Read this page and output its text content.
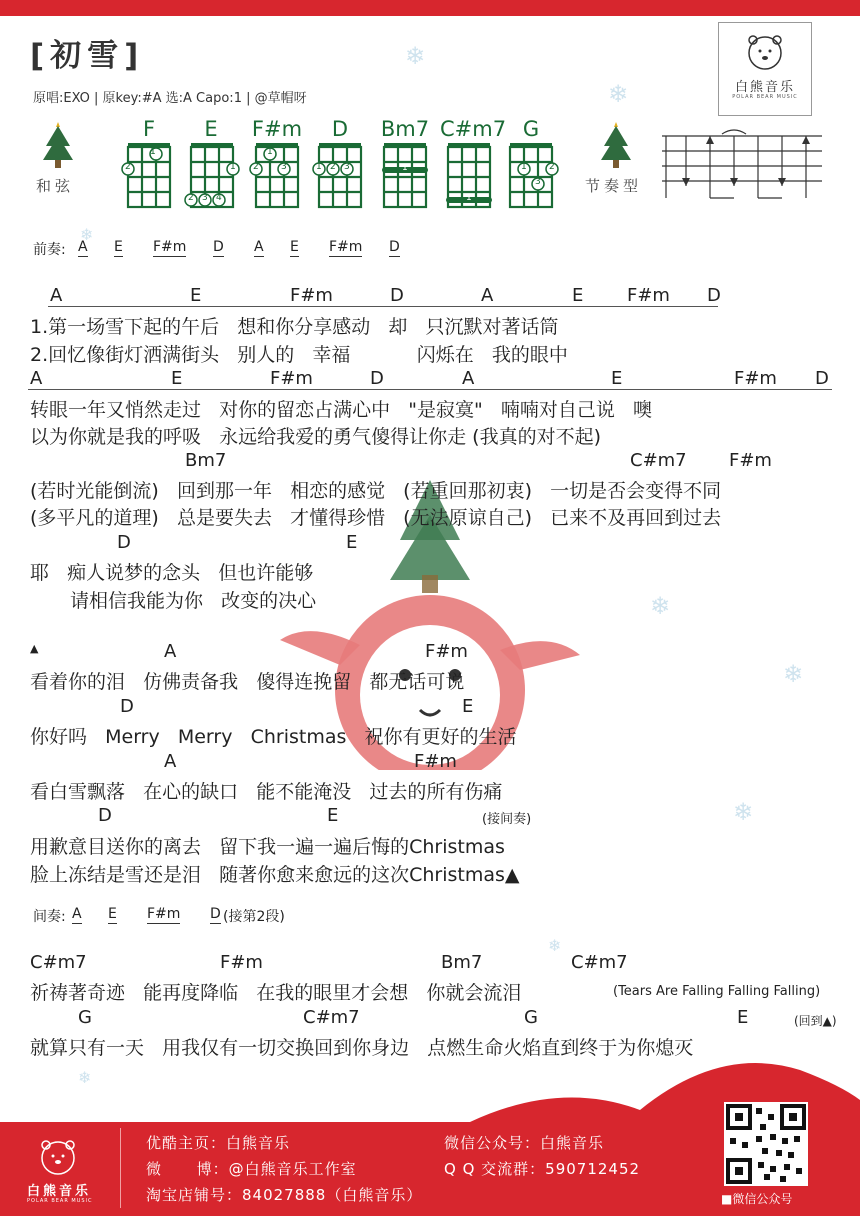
❄
❄
❄
❄
❄
❄
❄
❄
[初雪]
原唱:EXO | 原key:#A 选:A Capo:1 | @草帽呀
白熊音乐
POLAR BEAR MUSIC
和弦	节奏型
F	E	F#m	D	Bm7 C#m7 G
1
2	1
2 3 4
1
2 3	1 2 3	1
1
1 2
3
前奏: A E F#m D A E F#m D
A	E	F#m	D	A	E F#m D
1.第一场雪下起的午后   想和你分享感动   却   只沉默对著话筒
2.回忆像街灯洒满街头   别人的   幸福           闪烁在   我的眼中
A	E	F#m	D	A	E	F#m D
转眼一年又悄然走过   对你的留恋占满心中   "是寂寞"   喃喃对自己说   噢
以为你就是我的呼吸   永远给我爱的勇气傻得让你走 (我真的对不起)
Bm7	C#m7 F#m
(若时光能倒流)   回到那一年   相恋的感觉   (若重回那初衷)   一切是否会变得不同
(多平凡的道理)   总是要失去   才懂得珍惜   (无法原谅自己)   已来不及再回到过去
D	E
耶   痴人说梦的念头   但也许能够
请相信我能为你   改变的决心
▲	A	F#m
看着你的泪   仿佛责备我   傻得连挽留   都无话可说
D	E
你好吗   Merry   Merry   Christmas   祝你有更好的生活
A	F#m
看白雪飘落   在心的缺口   能不能淹没   过去的所有伤痛
D	E	(接间奏)
用歉意目送你的离去   留下我一遍一遍后悔的Christmas
脸上冻结是雪还是泪   随著你愈来愈远的这次Christmas▲
间奏: A E F#m D (接第2段)
C#m7	F#m	Bm7	C#m7
祈祷著奇迹   能再度降临   在我的眼里才会想   你就会流泪	(Tears Are Falling Falling Falling)
G	C#m7	G	E	(回到▲)
就算只有一天   用我仅有一切交换回到你身边   点燃生命火焰直到终于为你熄灭
白熊音乐
POLAR BEAR MUSIC
优酷主页：白熊音乐
微      博：@白熊音乐工作室
淘宝店铺号：84027888（白熊音乐）
微信公众号：白熊音乐
Q Q 交流群：590712452
■微信公众号
